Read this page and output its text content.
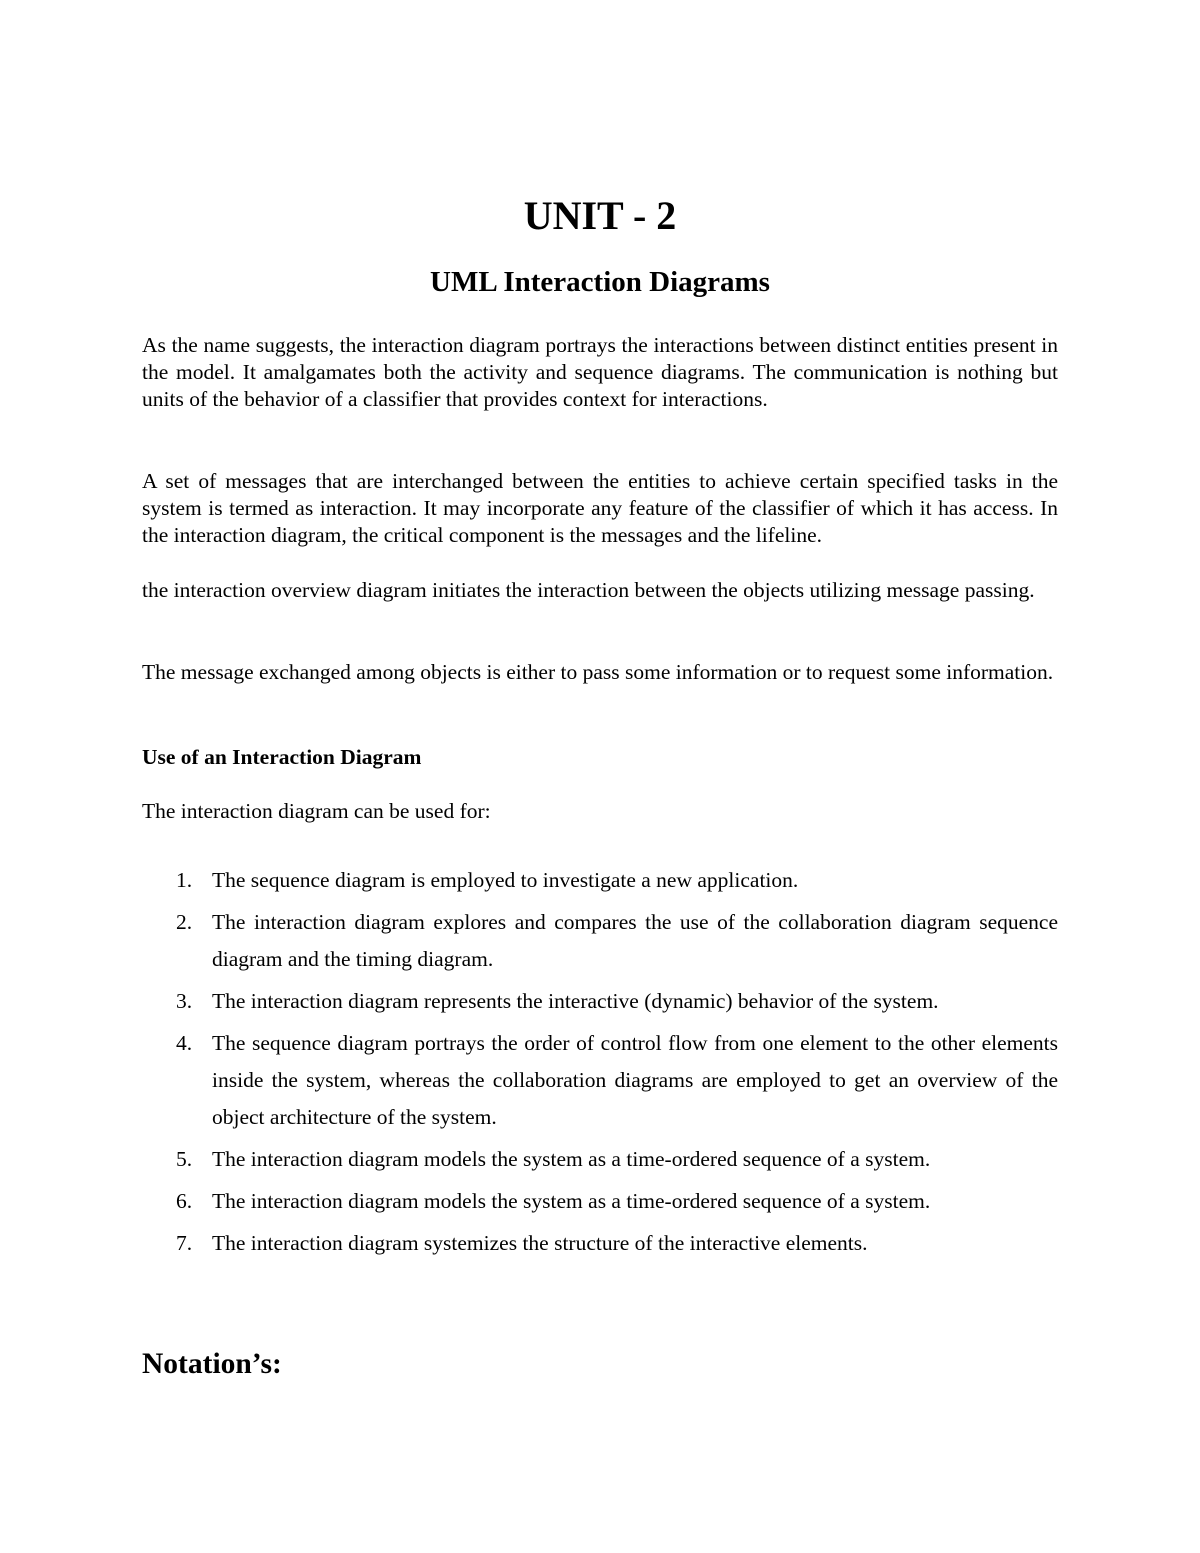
UNIT - 2
UML Interaction Diagrams

As the name suggests, the interaction diagram portrays the interactions between distinct entities present in the model. It amalgamates both the activity and sequence diagrams. The communication is nothing but units of the behavior of a classifier that provides context for interactions.

A set of messages that are interchanged between the entities to achieve certain specified tasks in the system is termed as interaction. It may incorporate any feature of the classifier of which it has access. In the interaction diagram, the critical component is the messages and the lifeline.

the interaction overview diagram initiates the interaction between the objects utilizing message passing.

The message exchanged among objects is either to pass some information or to request some information.

Use of an Interaction Diagram

The interaction diagram can be used for:

1. The sequence diagram is employed to investigate a new application.
2. The interaction diagram explores and compares the use of the collaboration diagram sequence diagram and the timing diagram.
3. The interaction diagram represents the interactive (dynamic) behavior of the system.
4. The sequence diagram portrays the order of control flow from one element to the other elements inside the system, whereas the collaboration diagrams are employed to get an overview of the object architecture of the system.
5. The interaction diagram models the system as a time-ordered sequence of a system.
6. The interaction diagram models the system as a time-ordered sequence of a system.
7. The interaction diagram systemizes the structure of the interactive elements.
Notation’s:
